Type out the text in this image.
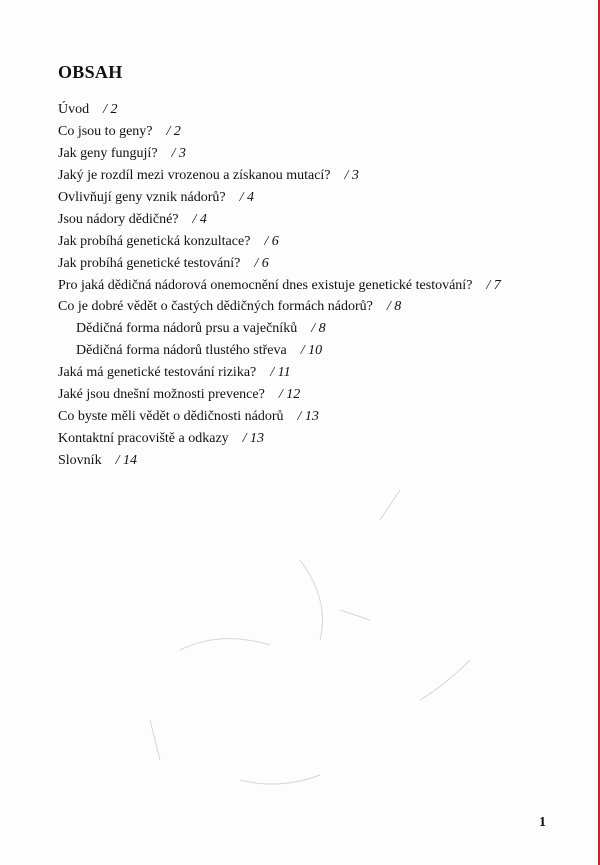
OBSAH
Úvod / 2
Co jsou to geny? / 2
Jak geny fungují? / 3
Jaký je rozdíl mezi vrozenou a získanou mutací? / 3
Ovlivňují geny vznik nádorů? / 4
Jsou nádory dědičné? / 4
Jak probíhá genetická konzultace? / 6
Jak probíhá genetické testování? / 6
Pro jaká dědičná nádorová onemocnění dnes existuje genetické testování? / 7
Co je dobré vědět o častých dědičných formách nádorů? / 8
Dědičná forma nádorů prsu a vaječníků / 8
Dědičná forma nádorů tlustého střeva / 10
Jaká má genetické testování rizika? / 11
Jaké jsou dnešní možnosti prevence? / 12
Co byste měli vědět o dědičnosti nádorů / 13
Kontaktní pracoviště a odkazy / 13
Slovník / 14
1
